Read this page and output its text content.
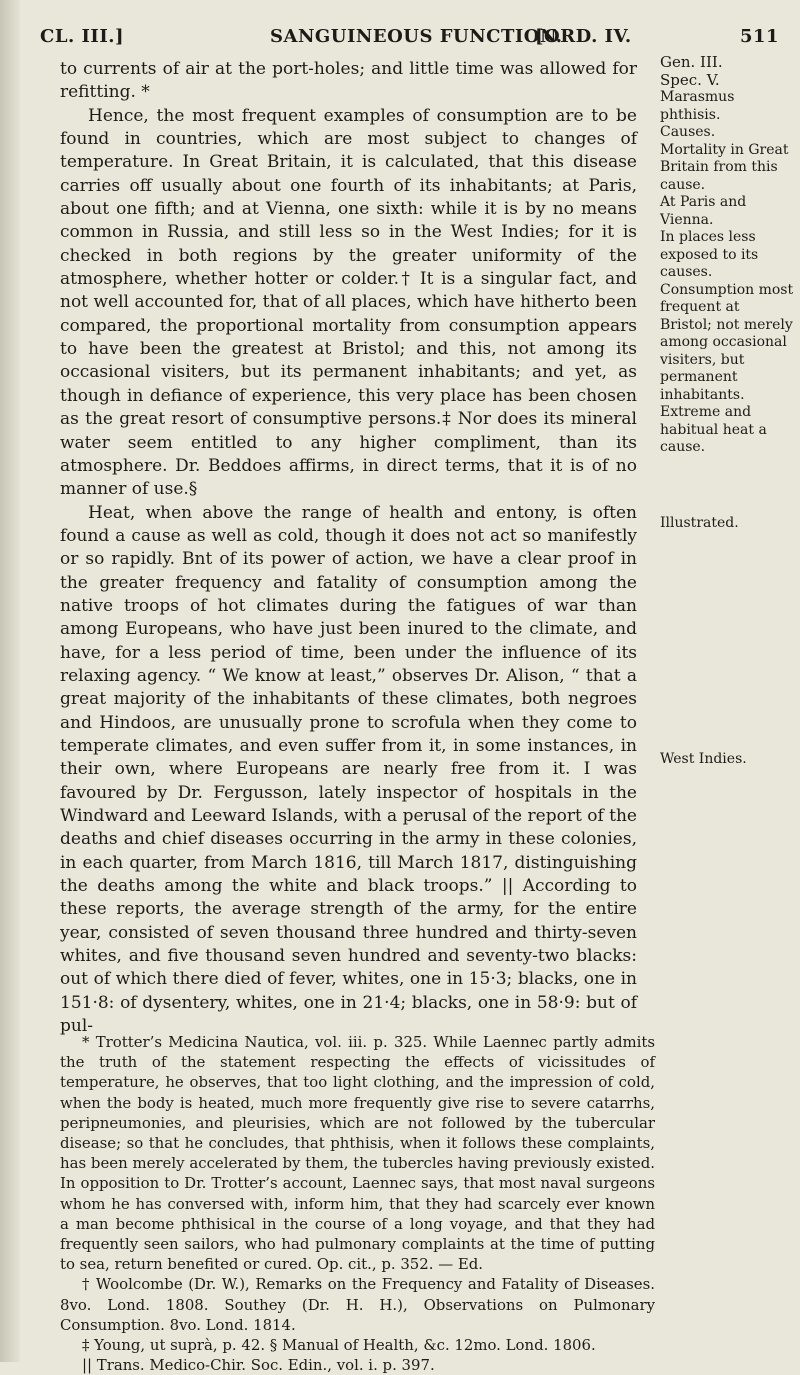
CL. III.]	SANGUINEOUS FUNCTION.
[ORD. IV.	511

to currents of air at the port-holes; and little time was allowed for refitting. *

Hence, the most frequent examples of consumption are to be found in countries, which are most subject to changes of temperature. In Great Britain, it is calculated, that this disease carries off usually about one fourth of its inhabitants; at Paris, about one fifth; and at Vienna, one sixth: while it is by no means common in Russia, and still less so in the West Indies; for it is checked in both regions by the greater uniformity of the atmosphere, whether hotter or colder.† It is a singular fact, and not well accounted for, that of all places, which have hitherto been compared, the proportional mortality from consumption appears to have been the greatest at Bristol; and this, not among its occasional visiters, but its permanent inhabitants; and yet, as though in defiance of experience, this very place has been chosen as the great resort of consumptive persons.‡ Nor does its mineral water seem entitled to any higher compliment, than its atmosphere. Dr. Beddoes affirms, in direct terms, that it is of no manner of use.§

Heat, when above the range of health and entony, is often found a cause as well as cold, though it does not act so manifestly or so rapidly. Bnt of its power of action, we have a clear proof in the greater frequency and fatality of consumption among the native troops of hot climates during the fatigues of war than among Europeans, who have just been inured to the climate, and have, for a less period of time, been under the influence of its relaxing agency. “ We know at least,” observes Dr. Alison, “ that a great majority of the inhabitants of these climates, both negroes and Hindoos, are unusually prone to scrofula when they come to temperate climates, and even suffer from it, in some instances, in their own, where Europeans are nearly free from it. I was favoured by Dr. Fergusson, lately inspector of hospitals in the Windward and Leeward Islands, with a perusal of the report of the deaths and chief diseases occurring in the army in these colonies, in each quarter, from March 1816, till March 1817, distinguishing the deaths among the white and black troops.” || According to these reports, the average strength of the army, for the entire year, consisted of seven thousand three hundred and thirty-seven whites, and five thousand seven hundred and seventy-two blacks: out of which there died of fever, whites, one in 15·3; blacks, one in 151·8: of dysentery, whites, one in 21·4; blacks, one in 58·9: but of pul-

* Trotter’s Medicina Nautica, vol. iii. p. 325. While Laennec partly admits the truth of the statement respecting the effects of vicissitudes of temperature, he observes, that too light clothing, and the impression of cold, when the body is heated, much more frequently give rise to severe catarrhs, peripneumonies, and pleurisies, which are not followed by the tubercular disease; so that he concludes, that phthisis, when it follows these complaints, has been merely accelerated by them, the tubercles having previously existed. In opposition to Dr. Trotter’s account, Laennec says, that most naval surgeons whom he has conversed with, inform him, that they had scarcely ever known a man become phthisical in the course of a long voyage, and that they had frequently seen sailors, who had pulmonary complaints at the time of putting to sea, return benefited or cured. Op. cit., p. 352. — Ed.

† Woolcombe (Dr. W.), Remarks on the Frequency and Fatality of Diseases. 8vo. Lond. 1808. Southey (Dr. H. H.), Observations on Pulmonary Consumption. 8vo. Lond. 1814.

‡ Young, ut suprà, p. 42. § Manual of Health, &c. 12mo. Lond. 1806.

|| Trans. Medico-Chir. Soc. Edin., vol. i. p. 397.

Gen. III.
Spec. V.
Marasmus
phthisis.
Causes.
Mortality in Great Britain from this cause.
At Paris and Vienna.
In places less exposed to its causes.
Consumption most frequent at Bristol; not merely among occasional visiters, but permanent inhabitants.
Extreme and habitual heat a cause.
Illustrated.
West Indies.
